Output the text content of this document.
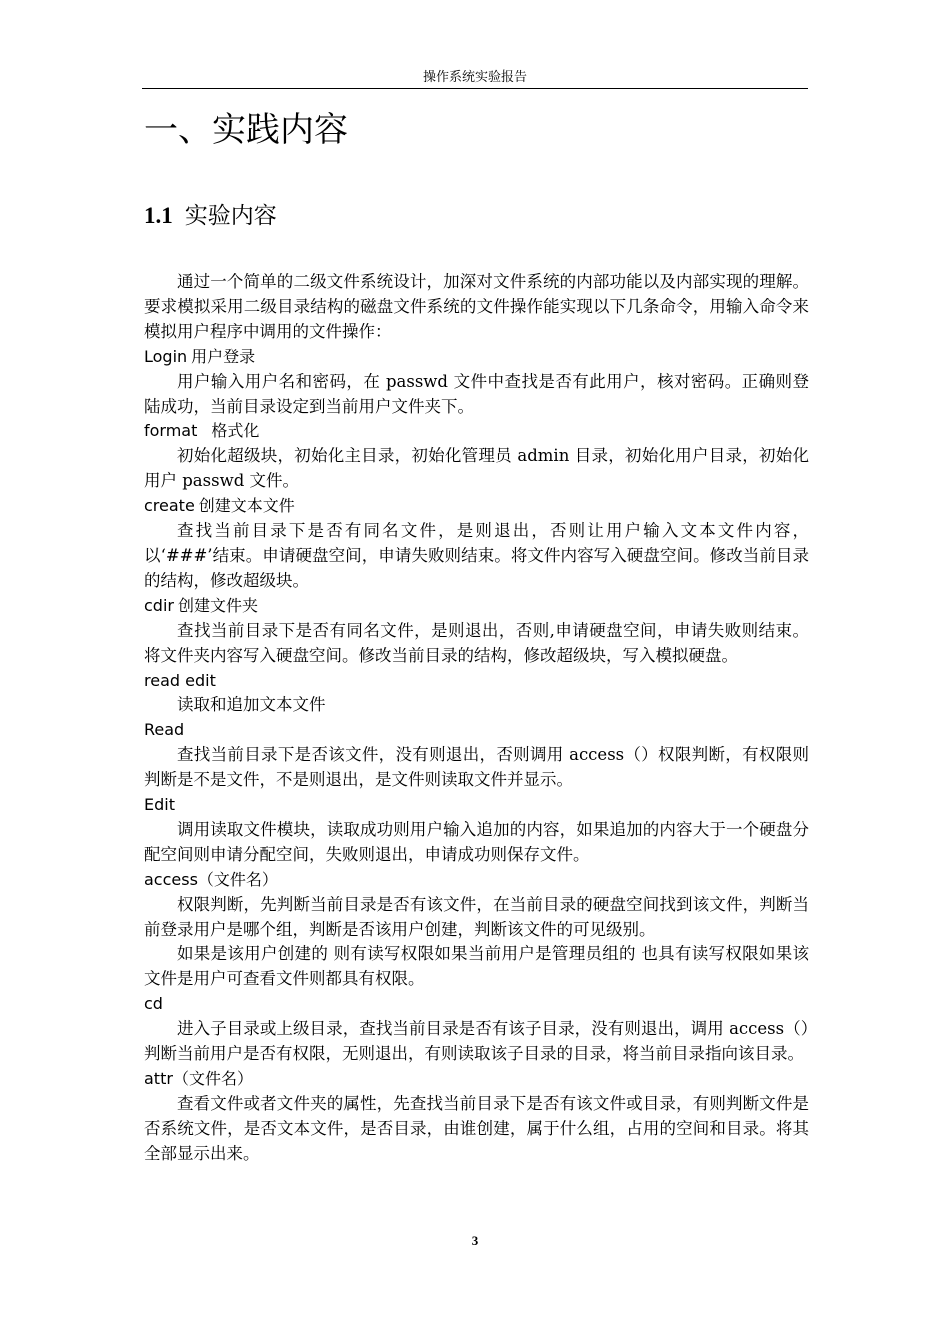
操作系统实验报告
一、实践内容
1.1 实验内容

通过一个简单的二级文件系统设计，加深对文件系统的内部功能以及内部实现的理解。要求模拟采用二级目录结构的磁盘文件系统的文件操作能实现以下几条命令，用输入命令来模拟用户程序中调用的文件操作：

Login 用户登录

用户输入用户名和密码，在 passwd 文件中查找是否有此用户，核对密码。正确则登陆成功，当前目录设定到当前用户文件夹下。

format 格式化

初始化超级块，初始化主目录，初始化管理员 admin 目录，初始化用户目录，初始化 用户 passwd 文件。

create 创建文本文件

查找当前目录下是否有同名文件，是则退出，否则让用户输入文本文件内容，以‘###’结束。申请硬盘空间，申请失败则结束。将文件内容写入硬盘空间。修改当前目录的结构，修改超级块。

cdir 创建文件夹

查找当前目录下是否有同名文件，是则退出，否则,申请硬盘空间，申请失败则结束。将文件夹内容写入硬盘空间。修改当前目录的结构，修改超级块，写入模拟硬盘。

read edit

读取和追加文本文件

Read

查找当前目录下是否该文件，没有则退出，否则调用 access（）权限判断，有权限则判断是不是文件，不是则退出，是文件则读取文件并显示。

Edit

调用读取文件模块，读取成功则用户输入追加的内容，如果追加的内容大于一个硬盘分配空间则申请分配空间，失败则退出，申请成功则保存文件。

access（文件名）

权限判断，先判断当前目录是否有该文件，在当前目录的硬盘空间找到该文件，判断当前登录用户是哪个组，判断是否该用户创建，判断该文件的可见级别。

如果是该用户创建的 则有读写权限如果当前用户是管理员组的 也具有读写权限如果该文件是用户可查看文件则都具有权限。

cd

进入子目录或上级目录，查找当前目录是否有该子目录，没有则退出，调用 access（）判断当前用户是否有权限，无则退出，有则读取该子目录的目录，将当前目录指向该目录。

attr（文件名）

查看文件或者文件夹的属性，先查找当前目录下是否有该文件或目录，有则判断文件是否系统文件，是否文本文件，是否目录，由谁创建，属于什么组，占用的空间和目录。将其全部显示出来。

3
